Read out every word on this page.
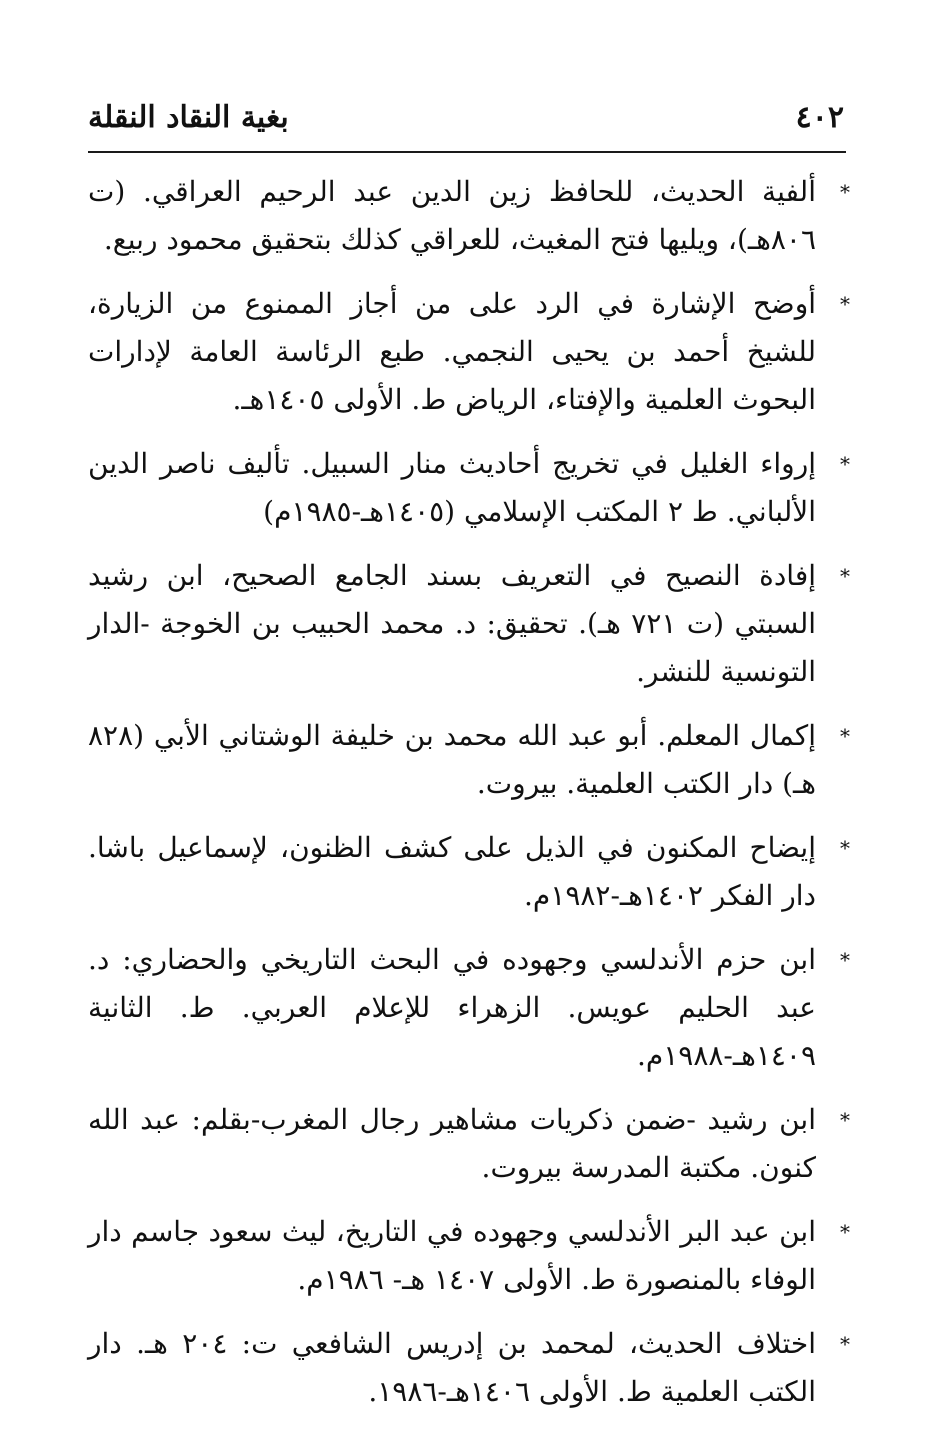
٤٠٢
بغية النقاد النقلة
*
ألفية الحديث، للحافظ زين الدين عبد الرحيم العراقي. (ت ٨٠٦هـ)، ويليها فتح المغيث، للعراقي كذلك بتحقيق محمود ربيع.
*
أوضح الإشارة في الرد على من أجاز الممنوع من الزيارة، للشيخ أحمد بن يحيى النجمي. طبع الرئاسة العامة لإدارات البحوث العلمية والإفتاء، الرياض ط. الأولى ١٤٠٥هـ.
*
إرواء الغليل في تخريج أحاديث منار السبيل. تأليف ناصر الدين الألباني. ط ٢ المكتب الإسلامي (١٤٠٥هـ-١٩٨٥م)
*
إفادة النصيح في التعريف بسند الجامع الصحيح، ابن رشيد السبتي (ت ٧٢١ هـ). تحقيق: د. محمد الحبيب بن الخوجة -الدار التونسية للنشر.
*
إكمال المعلم. أبو عبد الله محمد بن خليفة الوشتاني الأبي (٨٢٨ هـ) دار الكتب العلمية. بيروت.
*
إيضاح المكنون في الذيل على كشف الظنون، لإسماعيل باشا. دار الفكر ١٤٠٢هـ-١٩٨٢م.
*
ابن حزم الأندلسي وجهوده في البحث التاريخي والحضاري: د. عبد الحليم عويس. الزهراء للإعلام العربي. ط. الثانية ١٤٠٩هـ-١٩٨٨م.
*
ابن رشيد -ضمن ذكريات مشاهير رجال المغرب-بقلم: عبد الله كنون. مكتبة المدرسة بيروت.
*
ابن عبد البر الأندلسي وجهوده في التاريخ، ليث سعود جاسم دار الوفاء بالمنصورة ط. الأولى ١٤٠٧ هـ- ١٩٨٦م.
*
اختلاف الحديث، لمحمد بن إدريس الشافعي ت: ٢٠٤ هـ. دار الكتب العلمية ط. الأولى ١٤٠٦هـ-١٩٨٦.
